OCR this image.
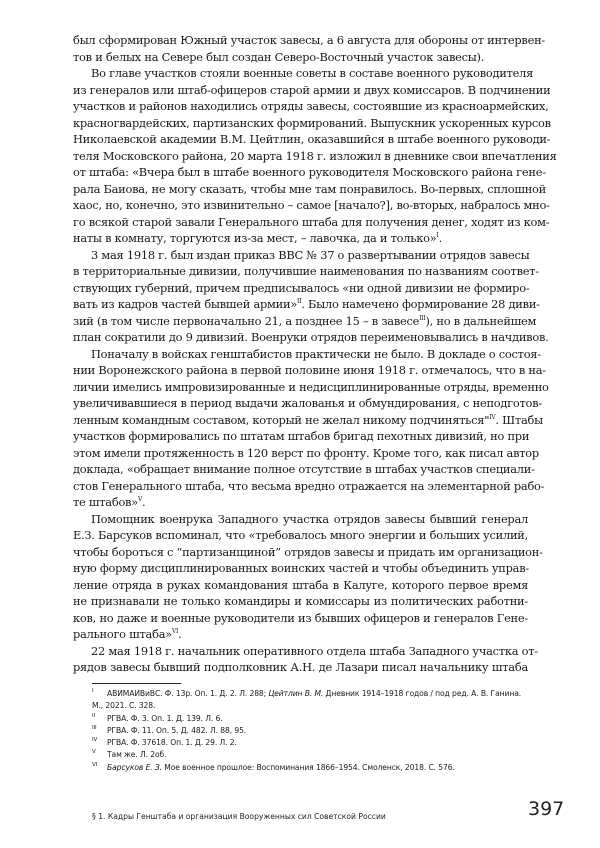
был сформирован Южный участок завесы, а 6 августа для обороны от интервен-
тов и белых на Севере был создан Северо-Восточный участок завесы).
Во главе участков стояли военные советы в составе военного руководителя
из генералов или штаб-офицеров старой армии и двух комиссаров. В подчинении
участков и районов находились отряды завесы, состоявшие из красноармейских,
красногвардейских, партизанских формирований. Выпускник ускоренных курсов
Николаевской академии В.М. Цейтлин, оказавшийся в штабе военного руководи-
теля Московского района, 20 марта 1918 г. изложил в дневнике свои впечатления
от штаба: «Вчера был в штабе военного руководителя Московского района гене-
рала Баиова, не могу сказать, чтобы мне там понравилось. Во-первых, сплошной
хаос, но, конечно, это извинительно – самое [начало?], во-вторых, набралось мно-
го всякой старой завали Генерального штаба для получения денег, ходят из ком-
наты в комнату, торгуются из-за мест, – лавочка, да и только»$^I$.
3 мая 1918 г. был издан приказ ВВС № 37 о развертывании отрядов завесы
в территориальные дивизии, получившие наименования по названиям соответ-
ствующих губерний, причем предписывалось «ни одной дивизии не формиро-
вать из кадров частей бывшей армии»$^{II}$. Было намечено формирование 28 диви-
зий (в том числе первоначально 21, а позднее 15 – в завесе$^{III}$), но в дальнейшем
план сократили до 9 дивизий. Военруки отрядов переименовывались в начдивов.
Поначалу в войсках генштабистов практически не было. В докладе о состоя-
нии Воронежского района в первой половине июня 1918 г. отмечалось, что в на-
личии имелись импровизированные и недисциплинированные отряды, временно
увеличивавшиеся в период выдачи жалованья и обмундирования, с неподготов-
ленным командным составом, который не желал никому подчиняться"$^{IV}$. Штабы
участков формировались по штатам штабов бригад пехотных дивизий, но при
этом имели протяженность в 120 верст по фронту. Кроме того, как писал автор
доклада, «обращает внимание полное отсутствие в штабах участков специали-
стов Генерального штаба, что весьма вредно отражается на элементарной рабо-
те штабов»$^V$.
Помощник военрука Западного участка отрядов завесы бывший генерал
Е.З. Барсуков вспоминал, что «требовалось много энергии и больших усилий,
чтобы бороться с “партизанщиной” отрядов завесы и придать им организацион-
ную форму дисциплинированных воинских частей и чтобы объединить управ-
ление отряда в руках командования штаба в Калуге, которого первое время
не признавали не только командиры и комиссары из политических работни-
ков, но даже и военные руководители из бывших офицеров и генералов Гене-
рального штаба»$^{VI}$.
22 мая 1918 г. начальник оперативного отдела штаба Западного участка от-
рядов завесы бывший подполковник А.Н. де Лазари писал начальнику штаба
I	АВИМАИВиВС. Ф. 13р. Оп. 1. Д. 2. Л. 288; Цейтлин В. М. Дневник 1914–1918 годов / под ред. А. В. Ганина. М., 2021. С. 328.
II	РГВА. Ф. 3. Оп. 1. Д. 139. Л. 6.
III	РГВА. Ф. 11. Оп. 5. Д. 482. Л. 88, 95.
IV	РГВА. Ф. 37618. Оп. 1. Д. 29. Л. 2.
V	Там же. Л. 2об.
VI	Барсуков Е. З. Мое военное прошлое: Воспоминания 1866–1954. Смоленск, 2018. С. 576.
§ 1. Кадры Генштаба и организация Вооруженных сил Советской России	397
